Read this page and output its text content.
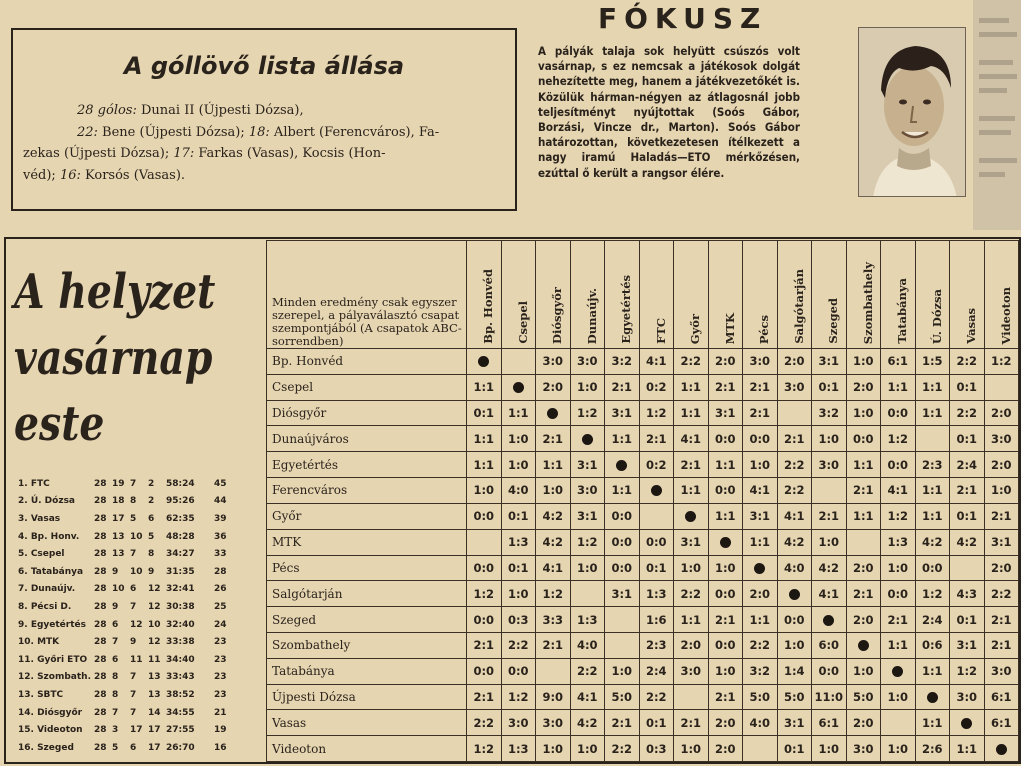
A góllövő lista állása

28 gólos: Dunai II (Újpesti Dózsa),

22: Bene (Újpesti Dózsa); 18: Albert (Ferencváros), Fa-

zekas (Újpesti Dózsa); 17: Farkas (Vasas), Kocsis (Hon-

véd); 16: Korsós (Vasas).

FÓKUSZ
A pályák talaja sok helyütt csúszós volt vasárnap, s ez nemcsak a játékosok dolgát nehezítette meg, hanem a játékvezetőkét is. Közülük hárman-négyen az átlagosnál jobb teljesítményt nyújtottak (Soós Gábor, Borzási, Vincze dr., Marton). Soós Gábor határozottan, következetesen ítélkezett a nagy iramú Haladás—ETO mérkőzésen, ezúttal ő került a rangsor élére.
A helyzet
vasárnap
este
1. FTC	28 19 7	2	58:24	45
2. Ú. Dózsa	28 18 8	2	95:26	44
3. Vasas	28 17 5	6	62:35	39
4. Bp. Honv.	28 13 10 5	48:28	36
5. Csepel	28 13 7	8	34:27	33
6. Tatabánya	28 9	10 9	31:35	28
7. Dunaújv.	28 10 6	12 32:41	26
8. Pécsi D.	28 9	7	12 30:38	25
9. Egyetértés 28 6	12 10 32:40	24
10. MTK	28 7	9	12 33:38	23
11. Győri ETO 28 6	11 11 34:40	23
12. Szombath. 28 8	7	13 33:43	23
13. SBTC	28 8	7	13 38:52	23
14. Diósgyőr	28 7	7	14 34:55	21
15. Videoton	28 3	17 17 27:55	19
16. Szeged	28 5	6	17 26:70	16
Minden eredmény csak egyszer szerepel, a pályaválasztó csapat szempontjából (A csapatok ABC-sorrendben)	Bp. Honvéd	Csepel	Diósgyőr	Dunaújv.	Egyetértés	FTC	Győr	MTK	Pécs	Salgótarján	Szeged	Szombathely	Tatabánya	Ú. Dózsa	Vasas	Videoton
Bp. Honvéd			3:0	3:0	3:2	4:1	2:2	2:0	3:0	2:0	3:1	1:0	6:1	1:5	2:2	1:2
Csepel	1:1		2:0	1:0	2:1	0:2	1:1	2:1	2:1	3:0	0:1	2:0	1:1	1:1	0:1	
Diósgyőr	0:1	1:1		1:2	3:1	1:2	1:1	3:1	2:1		3:2	1:0	0:0	1:1	2:2	2:0
Dunaújváros	1:1	1:0	2:1		1:1	2:1	4:1	0:0	0:0	2:1	1:0	0:0	1:2		0:1	3:0
Egyetértés	1:1	1:0	1:1	3:1		0:2	2:1	1:1	1:0	2:2	3:0	1:1	0:0	2:3	2:4	2:0
Ferencváros	1:0	4:0	1:0	3:0	1:1		1:1	0:0	4:1	2:2		2:1	4:1	1:1	2:1	1:0
Győr	0:0	0:1	4:2	3:1	0:0			1:1	3:1	4:1	2:1	1:1	1:2	1:1	0:1	2:1
MTK		1:3	4:2	1:2	0:0	0:0	3:1		1:1	4:2	1:0		1:3	4:2	4:2	3:1
Pécs	0:0	0:1	4:1	1:0	0:0	0:1	1:0	1:0		4:0	4:2	2:0	1:0	0:0		2:0
Salgótarján	1:2	1:0	1:2		3:1	1:3	2:2	0:0	2:0		4:1	2:1	0:0	1:2	4:3	2:2
Szeged	0:0	0:3	3:3	1:3		1:6	1:1	2:1	1:1	0:0		2:0	2:1	2:4	0:1	2:1
Szombathely	2:1	2:2	2:1	4:0		2:3	2:0	0:0	2:2	1:0	6:0		1:1	0:6	3:1	2:1
Tatabánya	0:0	0:0		2:2	1:0	2:4	3:0	1:0	3:2	1:4	0:0	1:0		1:1	1:2	3:0
Újpesti Dózsa	2:1	1:2	9:0	4:1	5:0	2:2		2:1	5:0	5:0	11:0	5:0	1:0		3:0	6:1
Vasas	2:2	3:0	3:0	4:2	2:1	0:1	2:1	2:0	4:0	3:1	6:1	2:0		1:1		6:1
Videoton	1:2	1:3	1:0	1:0	2:2	0:3	1:0	2:0		0:1	1:0	3:0	1:0	2:6	1:1	
